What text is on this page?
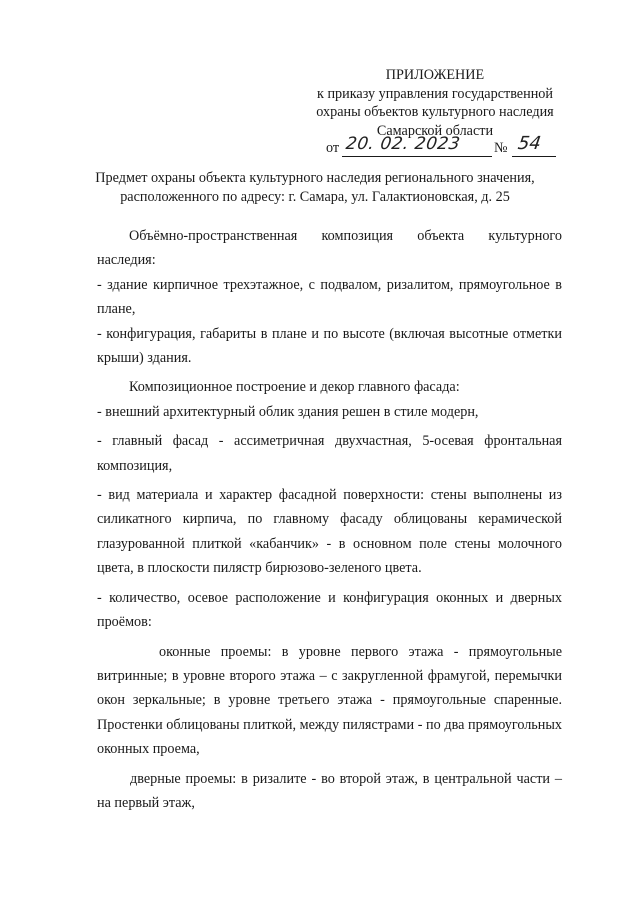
ПРИЛОЖЕНИЕ
к приказу управления государственной
охраны объектов культурного наследия
Самарской области
от 20. 02. 2023 № 54
Предмет охраны объекта культурного наследия регионального значения,
расположенного по адресу: г. Самара, ул. Галактионовская, д. 25

Объёмно-пространственная композиция объекта культурного наследия:

- здание кирпичное трехэтажное, с подвалом, ризалитом, прямоугольное в плане,

- конфигурация, габариты в плане и по высоте (включая высотные отметки крыши) здания.

Композиционное построение и декор главного фасада:

- внешний архитектурный облик здания решен в стиле модерн,

- главный фасад - ассиметричная двухчастная, 5-осевая фронтальная композиция,

- вид материала и характер фасадной поверхности: стены выполнены из силикатного кирпича, по главному фасаду облицованы керамической глазурованной плиткой «кабанчик» - в основном поле стены молочного цвета, в плоскости пилястр бирюзово-зеленого цвета.

- количество, осевое расположение и конфигурация оконных и дверных проёмов:

оконные проемы: в уровне первого этажа - прямоугольные витринные; в уровне второго этажа – с закругленной фрамугой, перемычки окон зеркальные; в уровне третьего этажа - прямоугольные спаренные. Простенки облицованы плиткой, между пилястрами - по два прямоугольных оконных проема,

дверные проемы: в ризалите - во второй этаж, в центральной части – на первый этаж,
